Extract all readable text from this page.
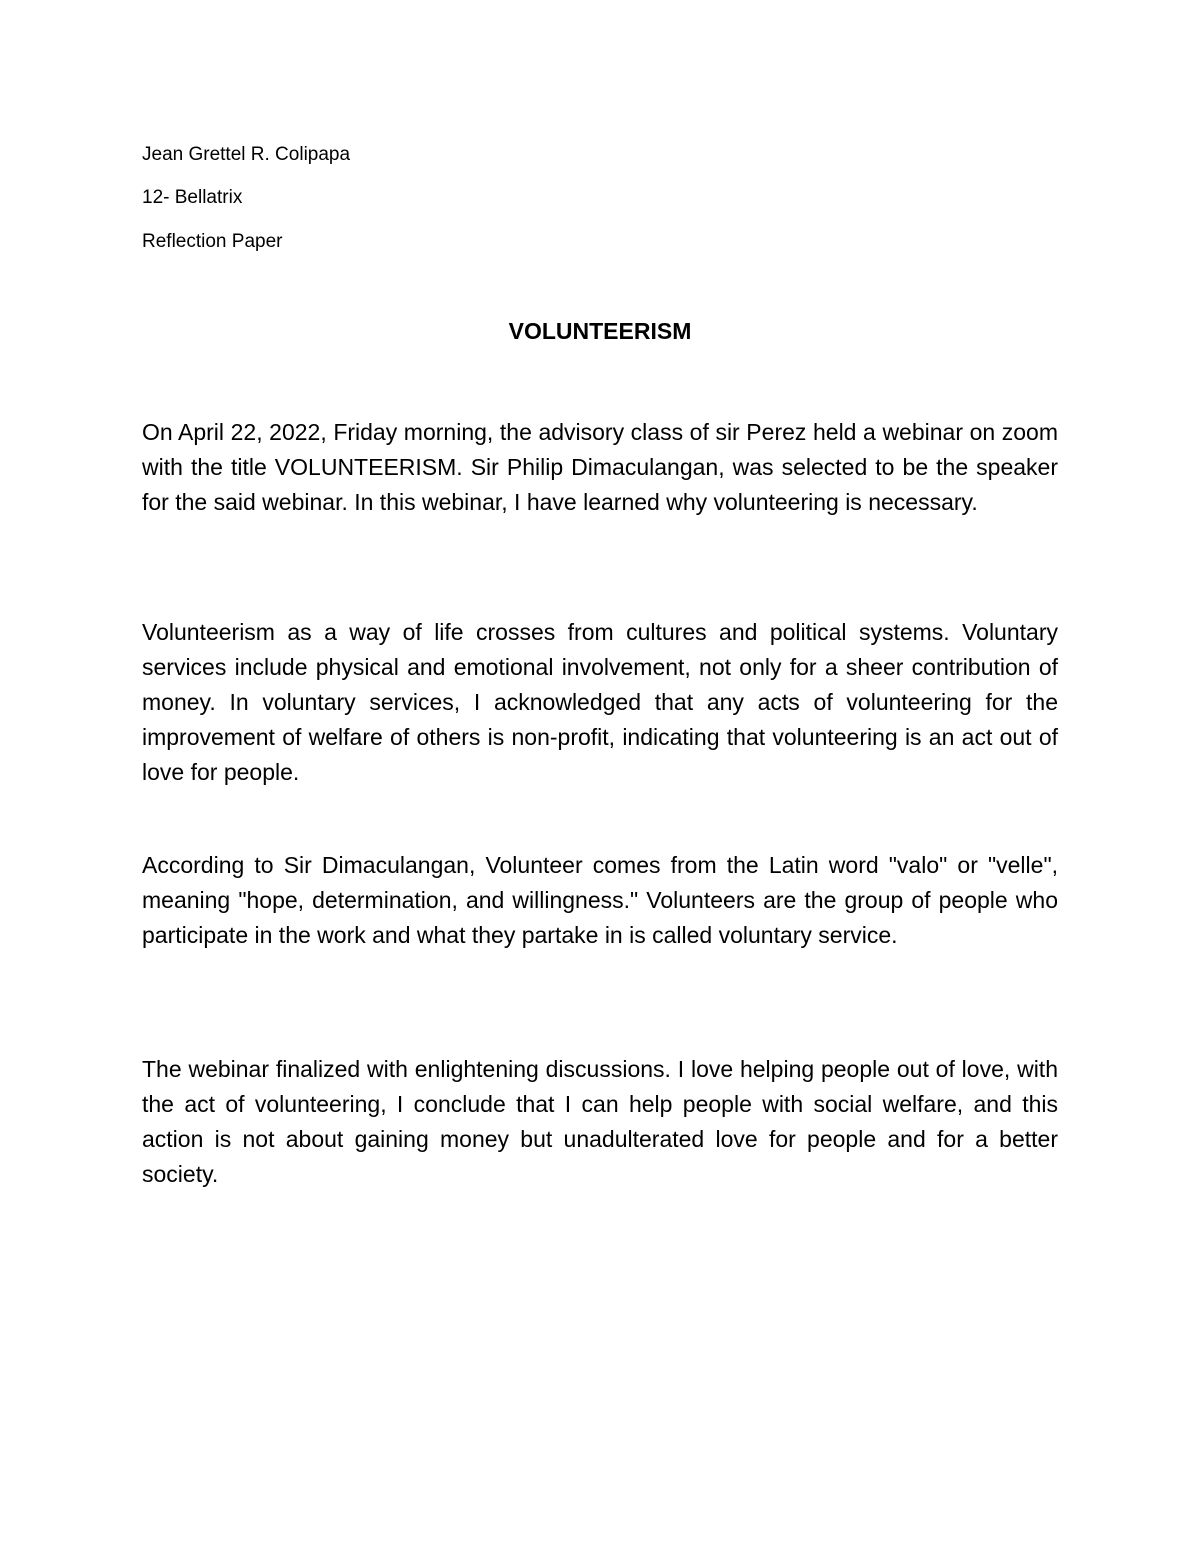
Jean Grettel R. Colipapa
12- Bellatrix
Reflection Paper
VOLUNTEERISM

On April 22, 2022, Friday morning, the advisory class of sir Perez held a webinar on zoom with the title VOLUNTEERISM. Sir Philip Dimaculangan, was selected to be the speaker for the said webinar. In this webinar, I have learned why volunteering is necessary.

Volunteerism as a way of life crosses from cultures and political systems. Voluntary services include physical and emotional involvement, not only for a sheer contribution of money. In voluntary services, I acknowledged that any acts of volunteering for the improvement of welfare of others is non-profit, indicating that volunteering is an act out of love for people.

According to Sir Dimaculangan, Volunteer comes from the Latin word "valo" or "velle", meaning "hope, determination, and willingness." Volunteers are the group of people who participate in the work and what they partake in is called voluntary service.

The webinar finalized with enlightening discussions. I love helping people out of love, with the act of volunteering, I conclude that I can help people with social welfare, and this action is not about gaining money but unadulterated love for people and for a better society.
